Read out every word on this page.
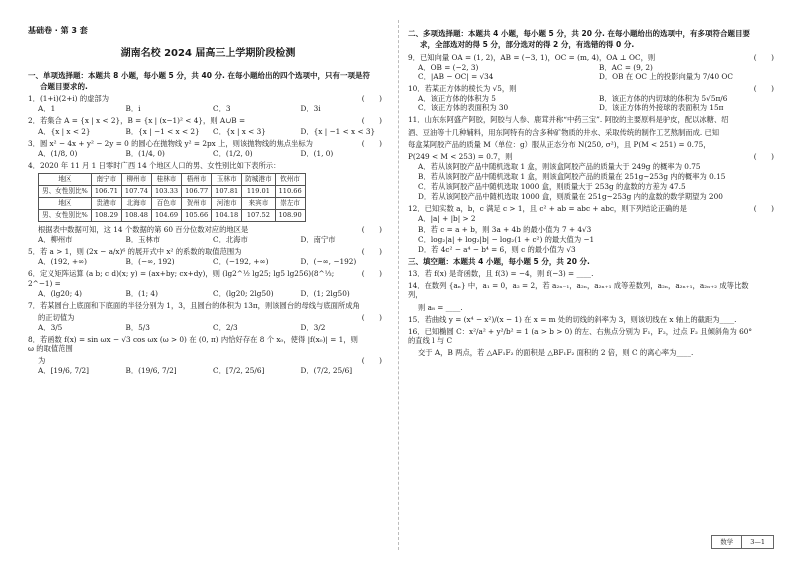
基础卷 · 第 3 套
湖南名校 2024 届高三上学期阶段检测
一、单项选择题：本题共 8 小题，每小题 5 分，共 40 分. 在每小题给出的四个选项中，只有一项是符
合题目要求的.
1．(1+i)(2+i) 的虚部为	(　　)
A．1	B．i	C．3	D．3i
2．若集合 A = {x | x < 2}，B = {x | (x−1)² < 4}，则 A∪B =	(　　)
A．{x | x < 2}	B．{x | −1 < x < 2}	C．{x | x < 3}	D．{x | −1 < x < 3}
3．圆 x² − 4x + y² − 2y = 0 的圆心在抛物线 y² = 2px 上，则该抛物线的焦点坐标为	(　　)
A．(1/8, 0)	B．(1/4, 0)	C．(1/2, 0)	D．(1, 0)
4．2020 年 11 月 1 日零时广西 14 个地区人口的男、女性别比如下表所示：
地区	南宁市	柳州市	桂林市	梧州市	玉林市	防城港市	钦州市
男、女性别比%	106.71	107.74	103.33	106.77	107.81	119.01	110.66
地区	贵港市	北海市	百色市	贺州市	河池市	来宾市	崇左市
男、女性别比%	108.29	108.48	104.69	105.66	104.18	107.52	108.90
根据表中数据可知，这 14 个数据的第 60 百分位数对应的地区是	(　　)
A．柳州市	B．玉林市	C．北海市	D．南宁市
5．若 a > 1，则 (2x − a/x)⁶ 的展开式中 x² 的系数的取值范围为	(　　)
A．(192, +∞)	B．(−∞, 192)	C．(−192, +∞)	D．(−∞, −192)
6．定义矩阵运算 (a b; c d)(x; y) = (ax+by; cx+dy)，则 (lg2^½ lg25; lg5 lg256)(8^⅓; 2^−1) =
(　　)
A．(lg20; 4)	B．(1; 4)	C．(lg20; 2lg50)	D．(1; 2lg50)
7．若某圆台上底面和下底面的半径分别为 1，3，且圆台的体积为 13π，则该圆台的母线与底面所成角
的正切值为	(　　)
A．3/5	B．5/3	C．2/3	D．3/2
8．若函数 f(x) = sin ωx − √3 cos ωx (ω > 0) 在 (0, π) 内恰好存在 8 个 x₀，使得 |f(x₀)| = 1，则 ω 的取值范围
为	(　　)
A．[19/6, 7/2]	B．(19/6, 7/2]	C．[7/2, 25/6]	D．(7/2, 25/6]
二、多项选择题：本题共 4 小题，每小题 5 分，共 20 分. 在每小题给出的选项中，有多项符合题目要
求，全部选对的得 5 分，部分选对的得 2 分，有选错的得 0 分.
9．已知向量 OA = (1, 2)，AB = (−3, 1)，OC = (m, 4)，OA ⊥ OC，则	(　　)
A．OB = (−2, 3)	B．AC = (9, 2)
C．|AB − OC| = √34	D．OB 在 OC 上的投影向量为 7/40 OC
10．若某正方体的棱长为 √5，则	(　　)
A．该正方体的体积为 5	B．该正方体的内切球的体积为 5√5π/6
C．该正方体的表面积为 30	D．该正方体的外接球的表面积为 15π
11．山东东阿盛产阿胶，阿胶与人参、鹿茸并称“中药三宝”. 阿胶的主要原料是驴皮，配以冰糖、绍
酒、豆油等十几种辅料，用东阿特有的含多种矿物质的井水、采取传统的制作工艺熬制而成. 已知
每盒某阿胶产品的质量 M（单位：g）服从正态分布 N(250, σ²)，且 P(M < 251) = 0.75，
P(249 < M < 253) = 0.7，则	(　　)
A．若从该阿胶产品中随机选取 1 盒，则该盒阿胶产品的质量大于 249g 的概率为 0.75
B．若从该阿胶产品中随机选取 1 盒，则该盒阿胶产品的质量在 251g~253g 内的概率为 0.15
C．若从该阿胶产品中随机选取 1000 盒，则质量大于 253g 的盒数的方差为 47.5
D．若从该阿胶产品中随机选取 1000 盒，则质量在 251g~253g 内的盒数的数学期望为 200
12．已知实数 a，b，c 满足 c > 1，且 c² + ab = abc + abc，则下列结论正确的是	(　　)
A．|a| + |b| > 2
B．若 c = a + b，则 3a + 4b 的最小值为 7 + 4√3
C．log₂|a| + log₂|b| − log₂(1 + c²) 的最大值为 −1
D．若 4c² − a⁴ − b⁴ = 6，则 c 的最小值为 √3
三、填空题：本题共 4 小题，每小题 5 分，共 20 分.
13．若 f(x) 是奇函数，且 f(3) = −4，则 f(−3) = ____.
14．在数列 {aₙ} 中，a₁ = 0，a₂ = 2，若 a₂ₙ₋₁，a₂ₙ，a₂ₙ₊₁ 成等差数列，a₂ₙ，a₂ₙ₊₁，a₂ₙ₊₂ 成等比数列，
则 a₈ = ____.
15．若曲线 y = (x⁴ − x²)/(x − 1) 在 x = m 处的切线的斜率为 3，则该切线在 x 轴上的截距为____.
16．已知椭圆 C：x²/a² + y²/b² = 1 (a > b > 0) 的左、右焦点分别为 F₁，F₂，过点 F₂ 且倾斜角为 60° 的直线 l 与 C
交于 A，B 两点，若 △AF₁F₂ 的面积是 △BF₁F₂ 面积的 2 倍，则 C 的离心率为____.
数学	3—1
